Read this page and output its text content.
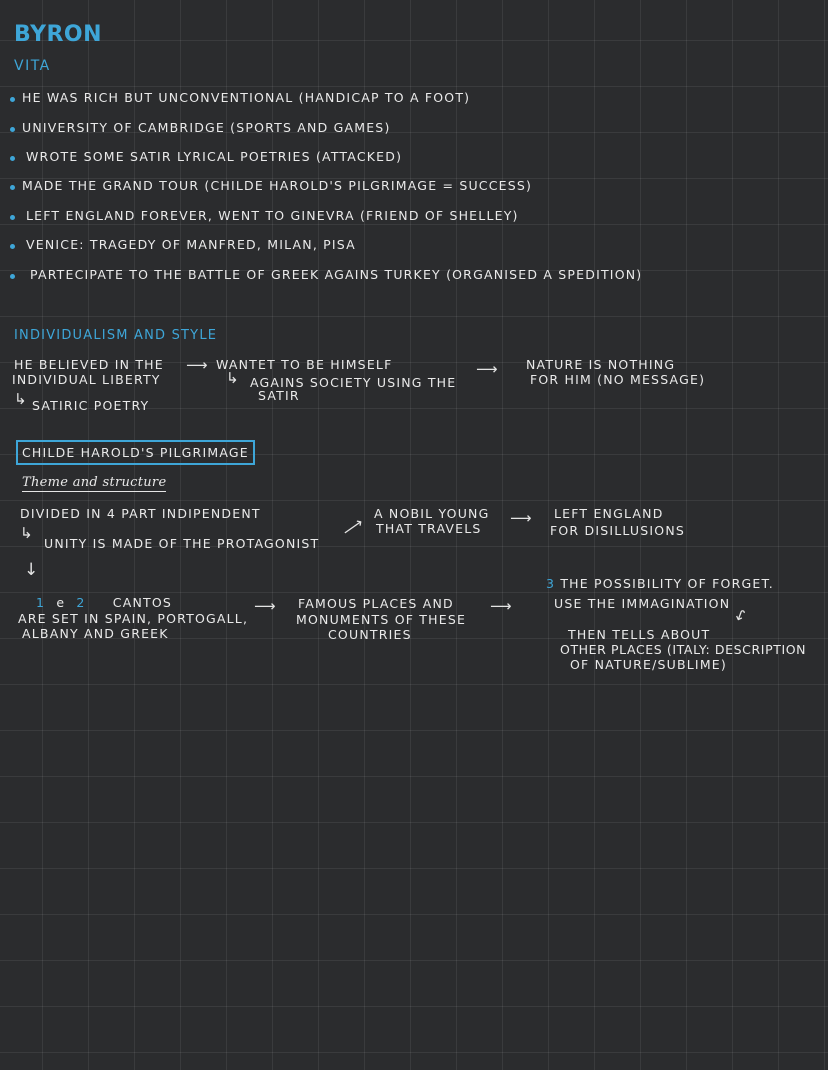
BYRON
VITA
HE WAS RICH BUT UNCONVENTIONAL (HANDICAP TO A FOOT)
UNIVERSITY OF CAMBRIDGE (SPORTS AND GAMES)
WROTE SOME SATIR LYRICAL POETRIES (ATTACKED)
MADE THE GRAND TOUR (CHILDE HAROLD'S PILGRIMAGE = SUCCESS)
LEFT ENGLAND FOREVER, WENT TO GINEVRA (FRIEND OF SHELLEY)
VENICE: TRAGEDY OF MANFRED, MILAN, PISA
PARTECIPATE TO THE BATTLE OF GREEK AGAINS TURKEY (ORGANISED A SPEDITION)
INDIVIDUALISM AND STYLE
HE BELIEVED IN THE
INDIVIDUAL LIBERTY
↳ SATIRIC POETRY
⟶ WANTET TO BE HIMSELF
↳ AGAINS SOCIETY USING THE
SATIR
⟶ NATURE IS NOTHING
FOR HIM (NO MESSAGE)
CHILDE HAROLD'S PILGRIMAGE
Theme and structure
DIVIDED IN 4 PART INDIPENDENT
↳
UNITY IS MADE OF THE PROTAGONIST
⟶ A NOBIL YOUNG
THAT TRAVELS
⟶ LEFT ENGLAND
FOR DISILLUSIONS
↓
1 e 2 CANTOS
ARE SET IN SPAIN, PORTOGALL,
ALBANY AND GREEK
⟶ FAMOUS PLACES AND
MONUMENTS OF THESE
COUNTRIES
⟶
3 THE POSSIBILITY OF FORGET.
USE THE IMMAGINATION
↪
THEN TELLS ABOUT
OTHER PLACES (ITALY: DESCRIPTION
OF NATURE/SUBLIME)
